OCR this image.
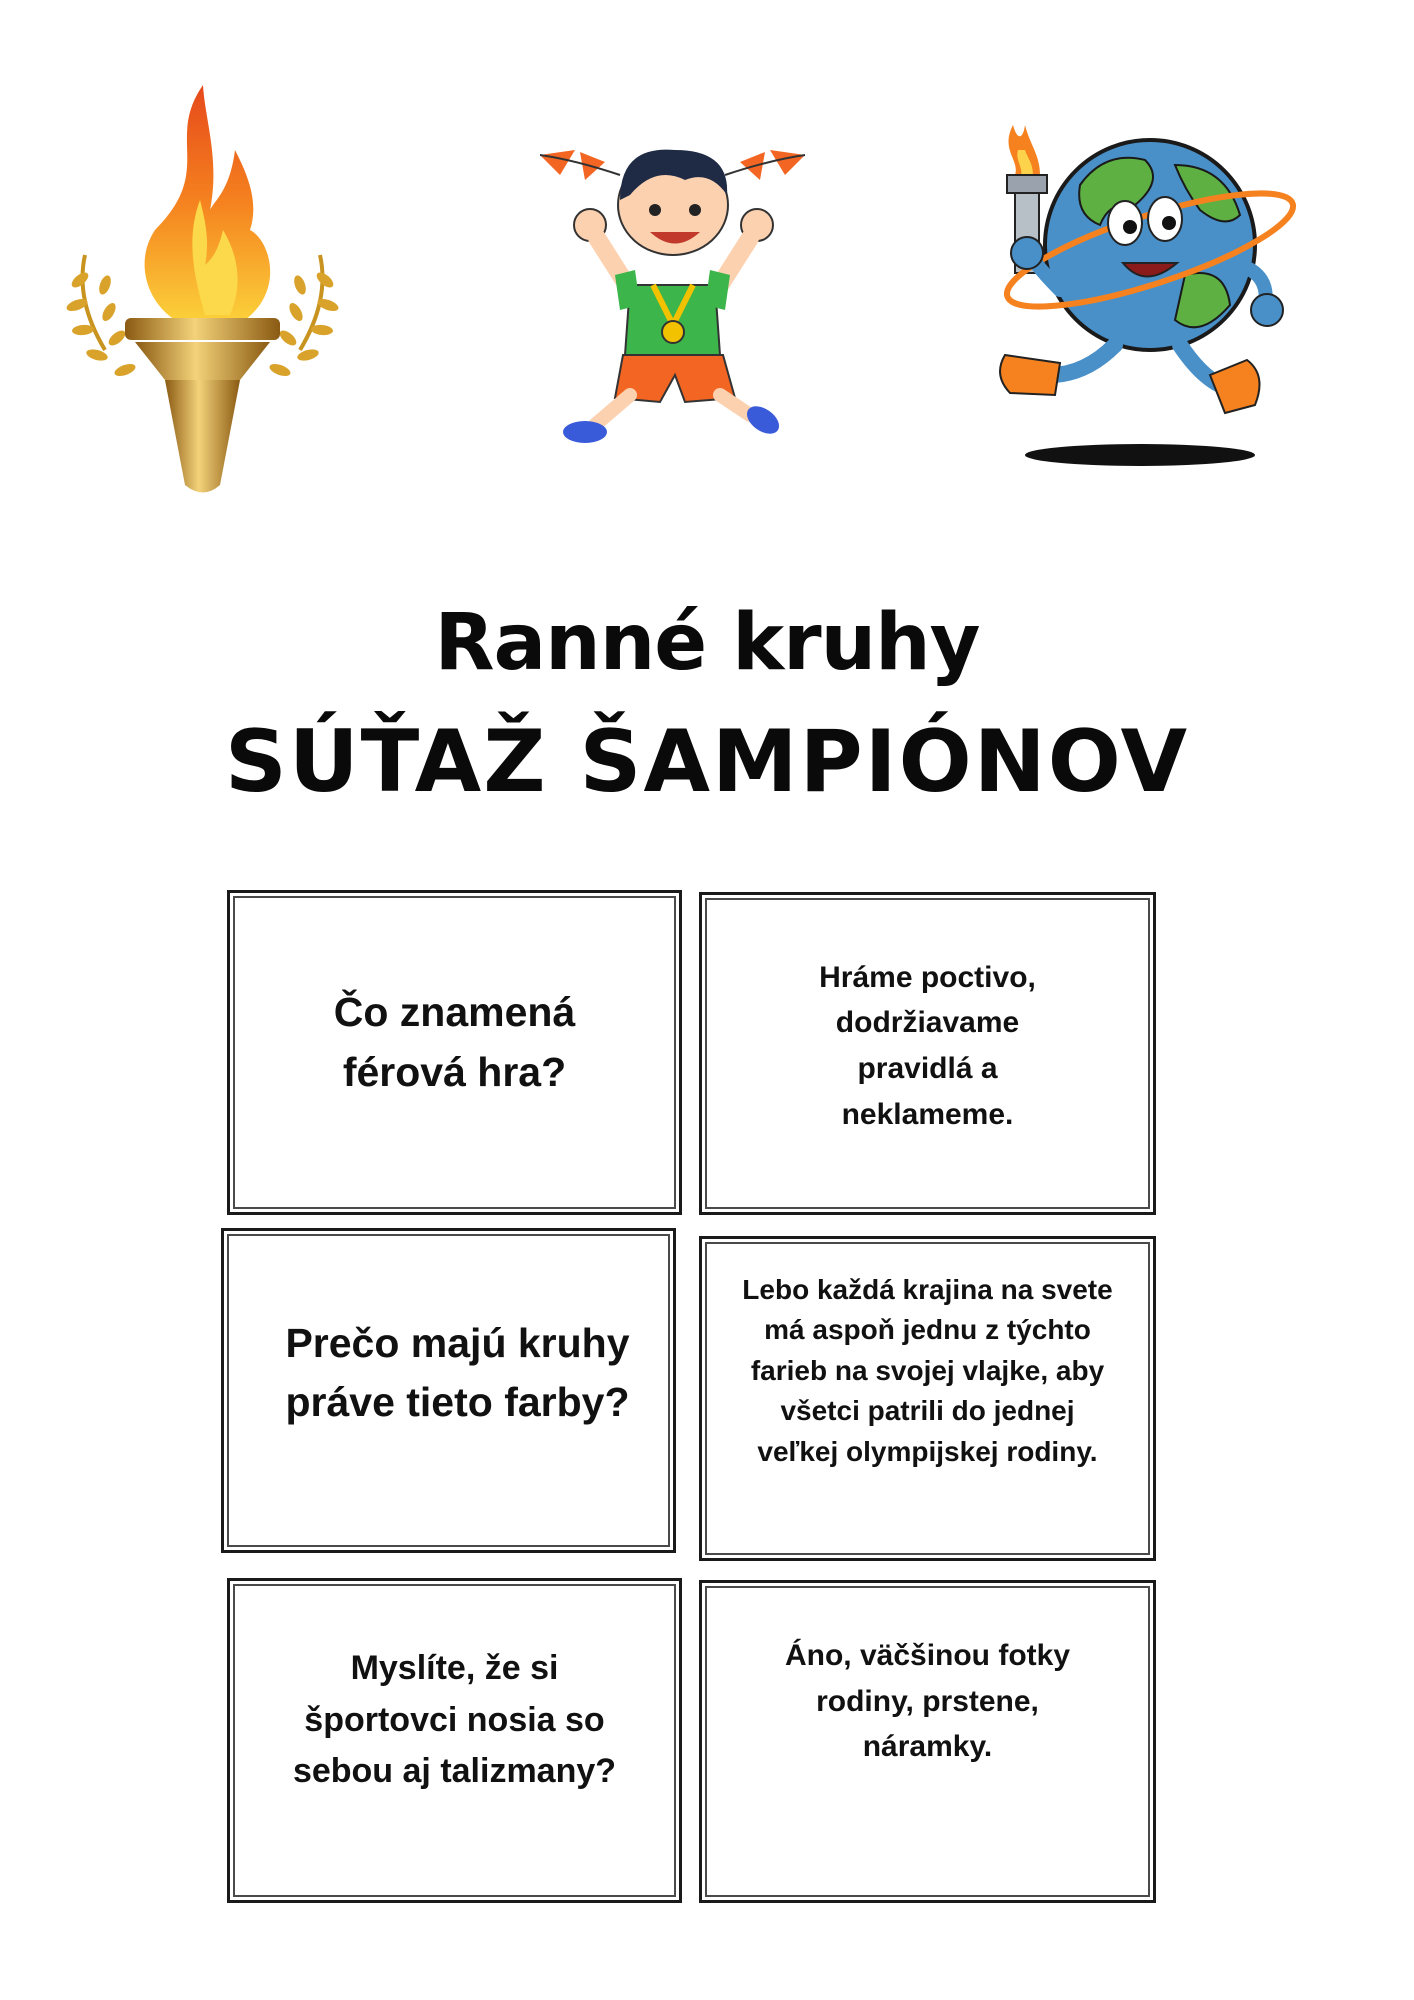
Ranné kruhy
SÚŤAŽ ŠAMPIÓNOV
Čo znamená férová hra?
Hráme poctivo, dodržiavame pravidlá a neklameme.
Prečo majú kruhy práve tieto farby?
Lebo každá krajina na svete má aspoň jednu z týchto farieb na svojej vlajke, aby všetci patrili do jednej veľkej olympijskej rodiny.
Myslíte, že si športovci nosia so sebou aj talizmany?
Áno, väčšinou fotky rodiny, prstene, náramky.
